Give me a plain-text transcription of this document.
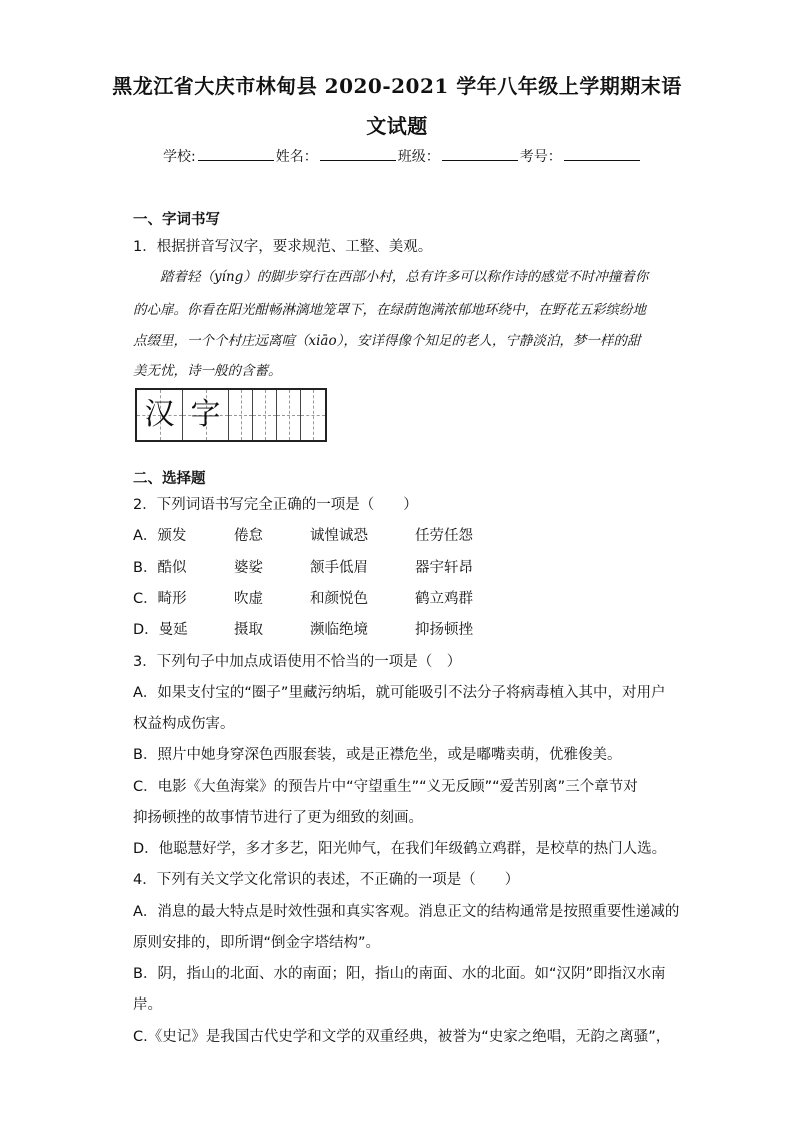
黑龙江省大庆市林甸县 2020-2021 学年八年级上学期期末语
文试题
学校:	姓名：	班级：	考号：
一、字词书写
1．根据拼音写汉字，要求规范、工整、美观。
踏着轻（yíng）的脚步穿行在西部小村，总有许多可以称作诗的感觉不时冲撞着你
的心扉。你看在阳光酣畅淋漓地笼罩下，在绿荫饱满浓郁地环绕中，在野花五彩缤纷地
点缀里，一个个村庄远离喧（xiāo），安详得像个知足的老人，宁静淡泊，梦一样的甜
美无忧，诗一般的含蓄。
汉 字
二、选择题
2．下列词语书写完全正确的一项是（　　）
A．颁发	倦怠	诚惶诚恐	任劳任怨
B．酷似	婆娑	颔手低眉	器宇轩昂
C．畸形	吹虚	和颜悦色	鹤立鸡群
D．曼延	摄取	濒临绝境	抑扬顿挫
3．下列句子中加点成语使用不恰当的一项是（　）
A．如果支付宝的“圈子”里藏污纳垢，就可能吸引不法分子将病毒植入其中，对用户
权益构成伤害。
B．照片中她身穿深色西服套装，或是正襟危坐，或是嘟嘴卖萌，优雅俊美。
C．电影《大鱼海棠》的预告片中“守望重生”“义无反顾”“爱苦别离”三个章节对
抑扬顿挫的故事情节进行了更为细致的刻画。
D．他聪慧好学，多才多艺，阳光帅气，在我们年级鹤立鸡群，是校草的热门人选。
4．下列有关文学文化常识的表述，不正确的一项是（　　）
A．消息的最大特点是时效性强和真实客观。消息正文的结构通常是按照重要性递减的
原则安排的，即所谓“倒金字塔结构”。
B．阴，指山的北面、水的南面；阳，指山的南面、水的北面。如“汉阴”即指汉水南
岸。
C.《史记》是我国古代史学和文学的双重经典，被誉为“史家之绝唱，无韵之离骚”，
